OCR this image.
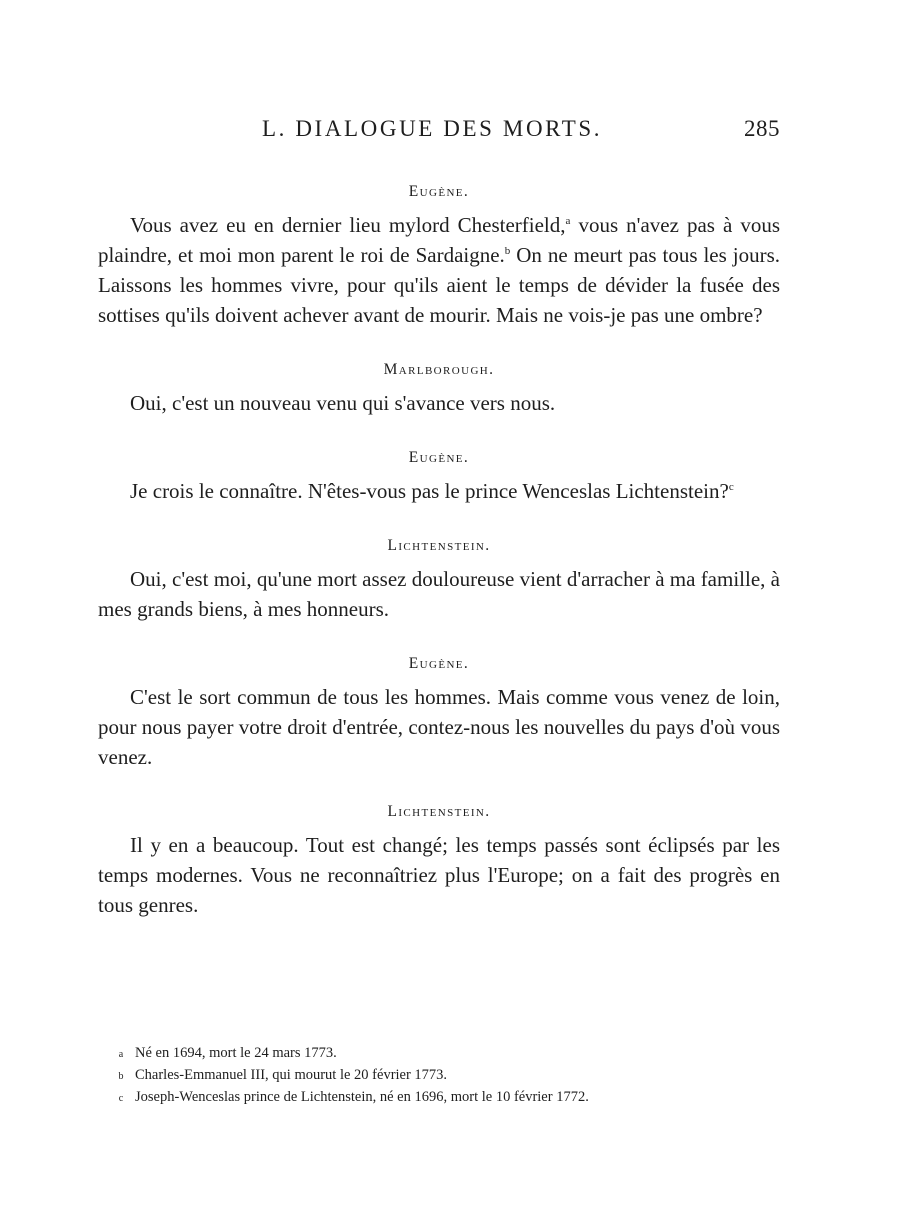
L. DIALOGUE DES MORTS.	285

Eugène.

Vous avez eu en dernier lieu mylord Chesterfield,$^a$ vous n'avez pas à vous plaindre, et moi mon parent le roi de Sardaigne.$^b$ On ne meurt pas tous les jours. Laissons les hommes vivre, pour qu'ils aient le temps de dévider la fusée des sottises qu'ils doivent achever avant de mourir. Mais ne vois-je pas une ombre?

Marlborough.

Oui, c'est un nouveau venu qui s'avance vers nous.

Eugène.

Je crois le connaître. N'êtes-vous pas le prince Wenceslas Lichtenstein?$^c$

Lichtenstein.

Oui, c'est moi, qu'une mort assez douloureuse vient d'arracher à ma famille, à mes grands biens, à mes honneurs.

Eugène.

C'est le sort commun de tous les hommes. Mais comme vous venez de loin, pour nous payer votre droit d'entrée, contez-nous les nouvelles du pays d'où vous venez.

Lichtenstein.

Il y en a beaucoup. Tout est changé; les temps passés sont éclipsés par les temps modernes. Vous ne reconnaîtriez plus l'Europe; on a fait des progrès en tous genres.

a Né en 1694, mort le 24 mars 1773.
b Charles-Emmanuel III, qui mourut le 20 février 1773.
c Joseph-Wenceslas prince de Lichtenstein, né en 1696, mort le 10 février 1772.
